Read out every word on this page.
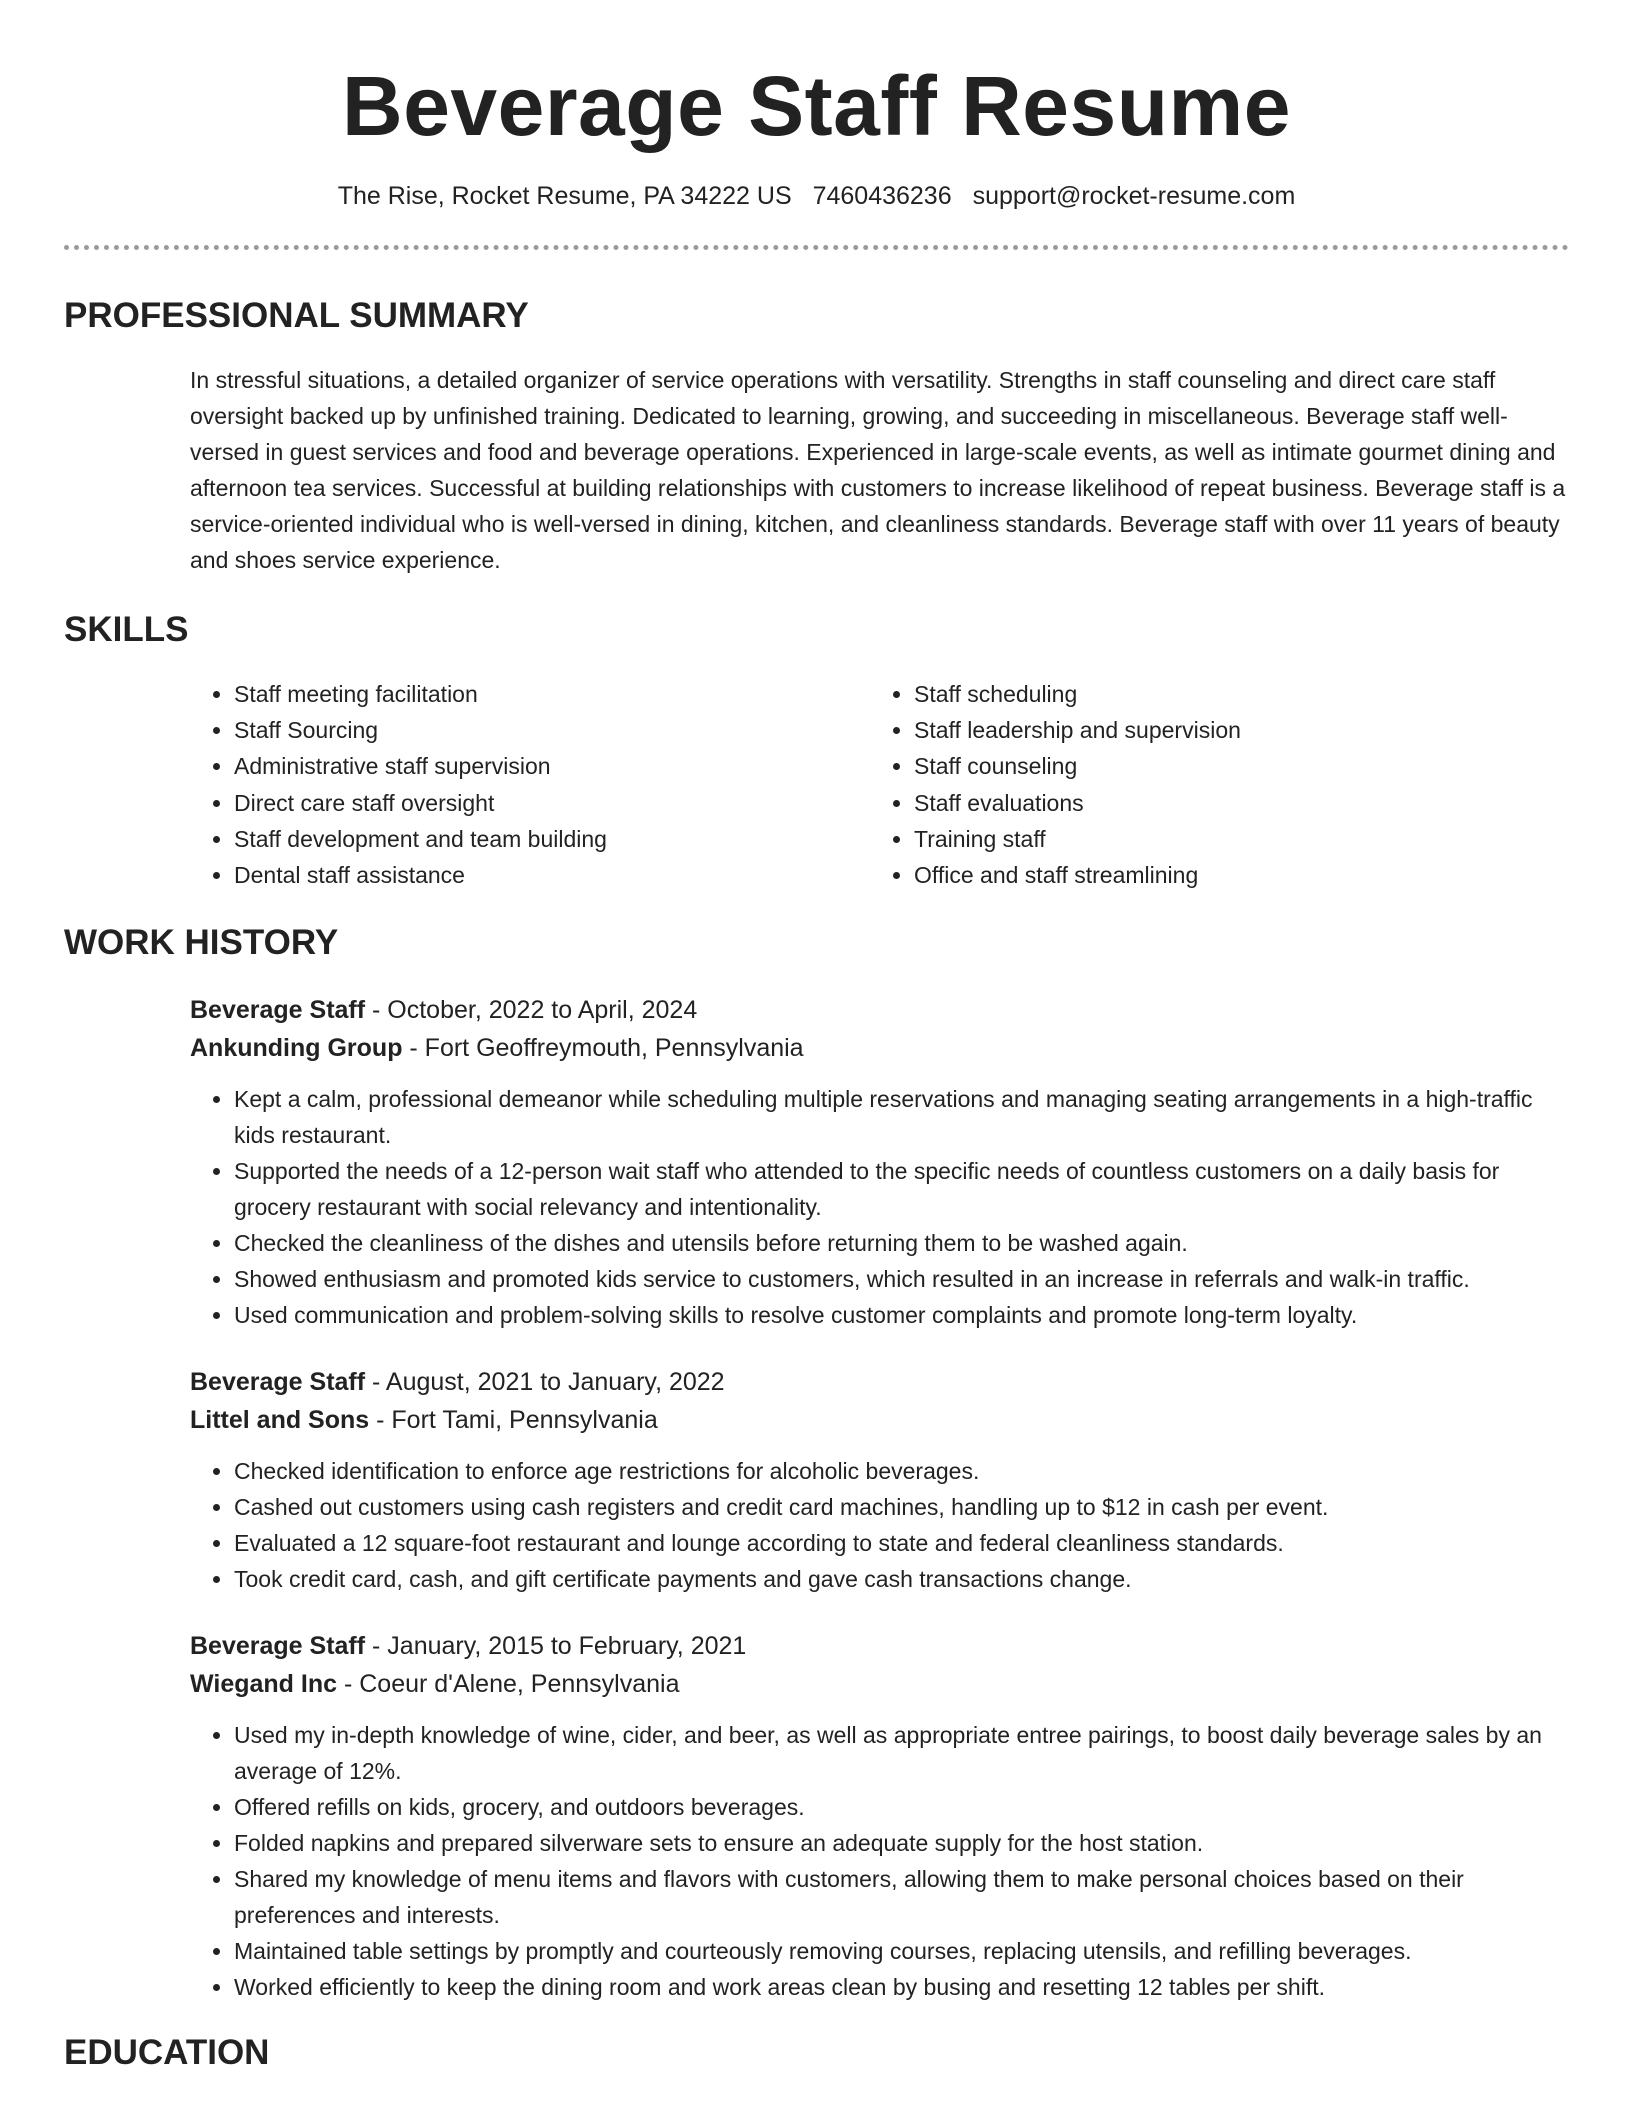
Beverage Staff Resume
The Rise, Rocket Resume, PA 34222 US 7460436236 support@rocket-resume.com
PROFESSIONAL SUMMARY

In stressful situations, a detailed organizer of service operations with versatility. Strengths in staff counseling and direct care staff oversight backed up by unfinished training. Dedicated to learning, growing, and succeeding in miscellaneous. Beverage staff well-versed in guest services and food and beverage operations. Experienced in large-scale events, as well as intimate gourmet dining and afternoon tea services. Successful at building relationships with customers to increase likelihood of repeat business. Beverage staff is a service-oriented individual who is well-versed in dining, kitchen, and cleanliness standards. Beverage staff with over 11 years of beauty and shoes service experience.

SKILLS
• Staff meeting facilitation
• Staff Sourcing
• Administrative staff supervision
• Direct care staff oversight
• Staff development and team building
• Dental staff assistance
• Staff scheduling
• Staff leadership and supervision
• Staff counseling
• Staff evaluations
• Training staff
• Office and staff streamlining
WORK HISTORY
Beverage Staff - October, 2022 to April, 2024
Ankunding Group - Fort Geoffreymouth, Pennsylvania
• Kept a calm, professional demeanor while scheduling multiple reservations and managing seating arrangements in a high-traffic kids restaurant.
• Supported the needs of a 12-person wait staff who attended to the specific needs of countless customers on a daily basis for grocery restaurant with social relevancy and intentionality.
• Checked the cleanliness of the dishes and utensils before returning them to be washed again.
• Showed enthusiasm and promoted kids service to customers, which resulted in an increase in referrals and walk-in traffic.
• Used communication and problem-solving skills to resolve customer complaints and promote long-term loyalty.
Beverage Staff - August, 2021 to January, 2022
Littel and Sons - Fort Tami, Pennsylvania
• Checked identification to enforce age restrictions for alcoholic beverages.
• Cashed out customers using cash registers and credit card machines, handling up to $12 in cash per event.
• Evaluated a 12 square-foot restaurant and lounge according to state and federal cleanliness standards.
• Took credit card, cash, and gift certificate payments and gave cash transactions change.
Beverage Staff - January, 2015 to February, 2021
Wiegand Inc - Coeur d'Alene, Pennsylvania
• Used my in-depth knowledge of wine, cider, and beer, as well as appropriate entree pairings, to boost daily beverage sales by an average of 12%.
• Offered refills on kids, grocery, and outdoors beverages.
• Folded napkins and prepared silverware sets to ensure an adequate supply for the host station.
• Shared my knowledge of menu items and flavors with customers, allowing them to make personal choices based on their preferences and interests.
• Maintained table settings by promptly and courteously removing courses, replacing utensils, and refilling beverages.
• Worked efficiently to keep the dining room and work areas clean by busing and resetting 12 tables per shift.
EDUCATION
